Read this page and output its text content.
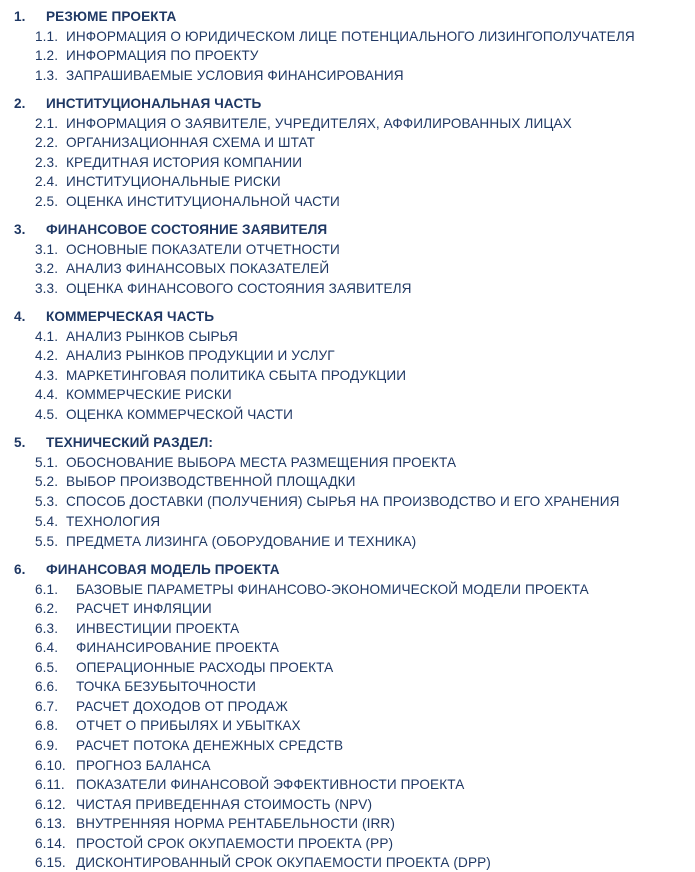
1. РЕЗЮМЕ ПРОЕКТА
1.1. ИНФОРМАЦИЯ О ЮРИДИЧЕСКОМ ЛИЦЕ ПОТЕНЦИАЛЬНОГО ЛИЗИНГОПОЛУЧАТЕЛЯ
1.2. ИНФОРМАЦИЯ ПО ПРОЕКТУ
1.3. ЗАПРАШИВАЕМЫЕ УСЛОВИЯ ФИНАНСИРОВАНИЯ
2. ИНСТИТУЦИОНАЛЬНАЯ ЧАСТЬ
2.1. ИНФОРМАЦИЯ О ЗАЯВИТЕЛЕ, УЧРЕДИТЕЛЯХ, АФФИЛИРОВАННЫХ ЛИЦАХ
2.2. ОРГАНИЗАЦИОННАЯ СХЕМА И ШТАТ
2.3. КРЕДИТНАЯ ИСТОРИЯ КОМПАНИИ
2.4. ИНСТИТУЦИОНАЛЬНЫЕ РИСКИ
2.5. ОЦЕНКА ИНСТИТУЦИОНАЛЬНОЙ ЧАСТИ
3. ФИНАНСОВОЕ СОСТОЯНИЕ ЗАЯВИТЕЛЯ
3.1. ОСНОВНЫЕ ПОКАЗАТЕЛИ ОТЧЕТНОСТИ
3.2. АНАЛИЗ ФИНАНСОВЫХ ПОКАЗАТЕЛЕЙ
3.3. ОЦЕНКА ФИНАНСОВОГО СОСТОЯНИЯ ЗАЯВИТЕЛЯ
4. КОММЕРЧЕСКАЯ ЧАСТЬ
4.1. АНАЛИЗ РЫНКОВ СЫРЬЯ
4.2. АНАЛИЗ РЫНКОВ ПРОДУКЦИИ И УСЛУГ
4.3. МАРКЕТИНГОВАЯ ПОЛИТИКА СБЫТА ПРОДУКЦИИ
4.4. КОММЕРЧЕСКИЕ РИСКИ
4.5. ОЦЕНКА КОММЕРЧЕСКОЙ ЧАСТИ
5. ТЕХНИЧЕСКИЙ РАЗДЕЛ:
5.1. ОБОСНОВАНИЕ ВЫБОРА МЕСТА РАЗМЕЩЕНИЯ ПРОЕКТА
5.2. ВЫБОР ПРОИЗВОДСТВЕННОЙ ПЛОЩАДКИ
5.3. СПОСОБ ДОСТАВКИ (ПОЛУЧЕНИЯ) СЫРЬЯ НА ПРОИЗВОДСТВО И ЕГО ХРАНЕНИЯ
5.4. ТЕХНОЛОГИЯ
5.5. ПРЕДМЕТА ЛИЗИНГА (ОБОРУДОВАНИЕ И ТЕХНИКА)
6. ФИНАНСОВАЯ МОДЕЛЬ ПРОЕКТА
6.1. БАЗОВЫЕ ПАРАМЕТРЫ ФИНАНСОВО-ЭКОНОМИЧЕСКОЙ МОДЕЛИ ПРОЕКТА
6.2. РАСЧЕТ ИНФЛЯЦИИ
6.3. ИНВЕСТИЦИИ ПРОЕКТА
6.4. ФИНАНСИРОВАНИЕ ПРОЕКТА
6.5. ОПЕРАЦИОННЫЕ РАСХОДЫ ПРОЕКТА
6.6. ТОЧКА БЕЗУБЫТОЧНОСТИ
6.7. РАСЧЕТ ДОХОДОВ ОТ ПРОДАЖ
6.8. ОТЧЕТ О ПРИБЫЛЯХ И УБЫТКАХ
6.9. РАСЧЕТ ПОТОКА ДЕНЕЖНЫХ СРЕДСТВ
6.10. ПРОГНОЗ БАЛАНСА
6.11. ПОКАЗАТЕЛИ ФИНАНСОВОЙ ЭФФЕКТИВНОСТИ ПРОЕКТА
6.12. ЧИСТАЯ ПРИВЕДЕННАЯ СТОИМОСТЬ (NPV)
6.13. ВНУТРЕННЯЯ НОРМА РЕНТАБЕЛЬНОСТИ (IRR)
6.14. ПРОСТОЙ СРОК ОКУПАЕМОСТИ ПРОЕКТА (PP)
6.15. ДИСКОНТИРОВАННЫЙ СРОК ОКУПАЕМОСТИ ПРОЕКТА (DPP)
